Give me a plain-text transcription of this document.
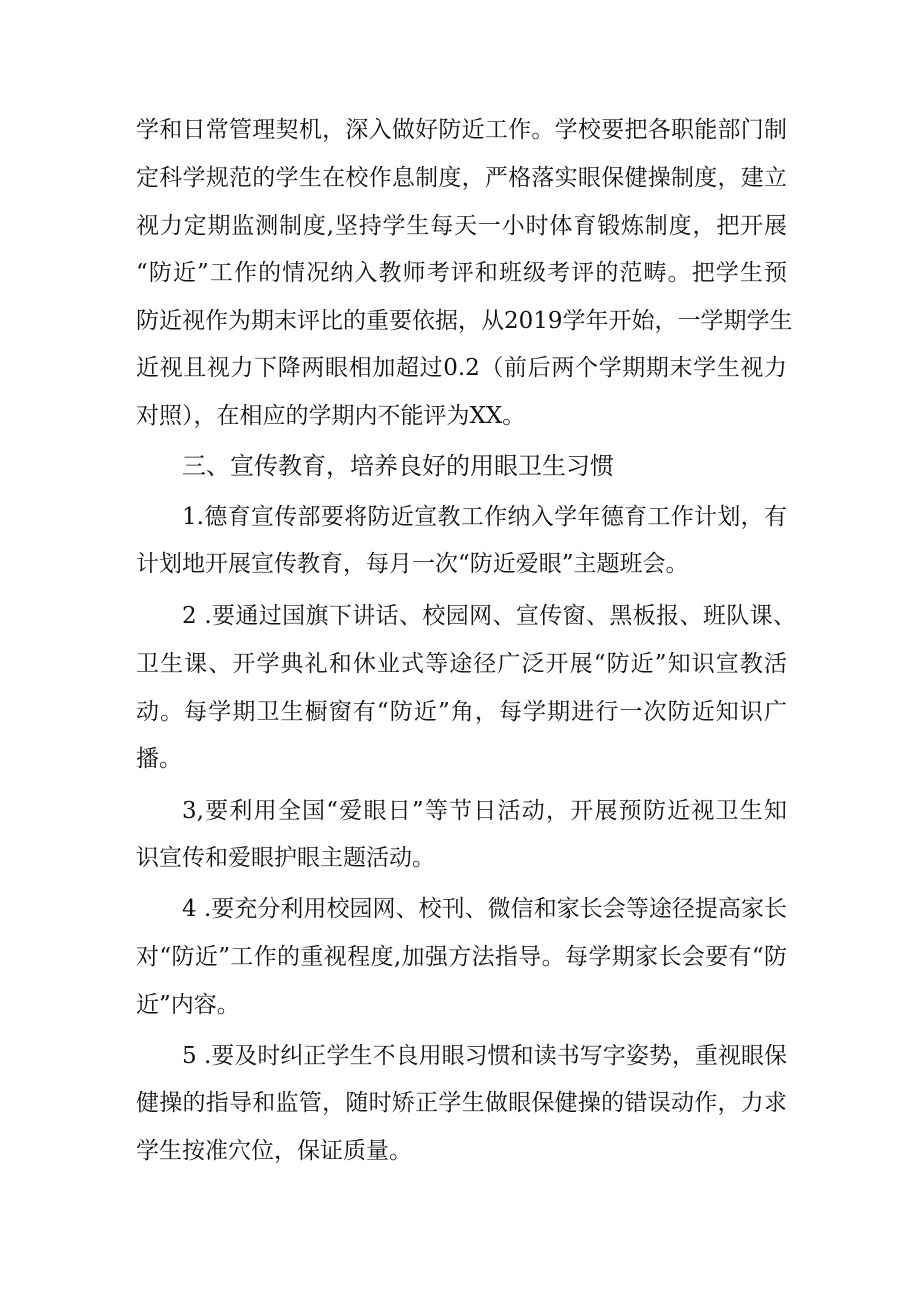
学和日常管理契机，深入做好防近工作。学校要把各职能部门制
定科学规范的学生在校作息制度，严格落实眼保健操制度，建立
视力定期监测制度,坚持学生每天一小时体育锻炼制度，把开展
“防近”工作的情况纳入教师考评和班级考评的范畴。把学生预
防近视作为期末评比的重要依据，从2019学年开始，一学期学生
近视且视力下降两眼相加超过0.2（前后两个学期期末学生视力
对照），在相应的学期内不能评为XX。
三、宣传教育，培养良好的用眼卫生习惯
1.德育宣传部要将防近宣教工作纳入学年德育工作计划，有
计划地开展宣传教育，每月一次“防近爱眼”主题班会。
2 .要通过国旗下讲话、校园网、宣传窗、黑板报、班队课、
卫生课、开学典礼和休业式等途径广泛开展“防近”知识宣教活
动。每学期卫生橱窗有“防近”角，每学期进行一次防近知识广
播。
3,要利用全国“爱眼日”等节日活动，开展预防近视卫生知
识宣传和爱眼护眼主题活动。
4 .要充分利用校园网、校刊、微信和家长会等途径提高家长
对“防近”工作的重视程度,加强方法指导。每学期家长会要有“防
近”内容。
5 .要及时纠正学生不良用眼习惯和读书写字姿势，重视眼保
健操的指导和监管，随时矫正学生做眼保健操的错误动作，力求
学生按准穴位，保证质量。
